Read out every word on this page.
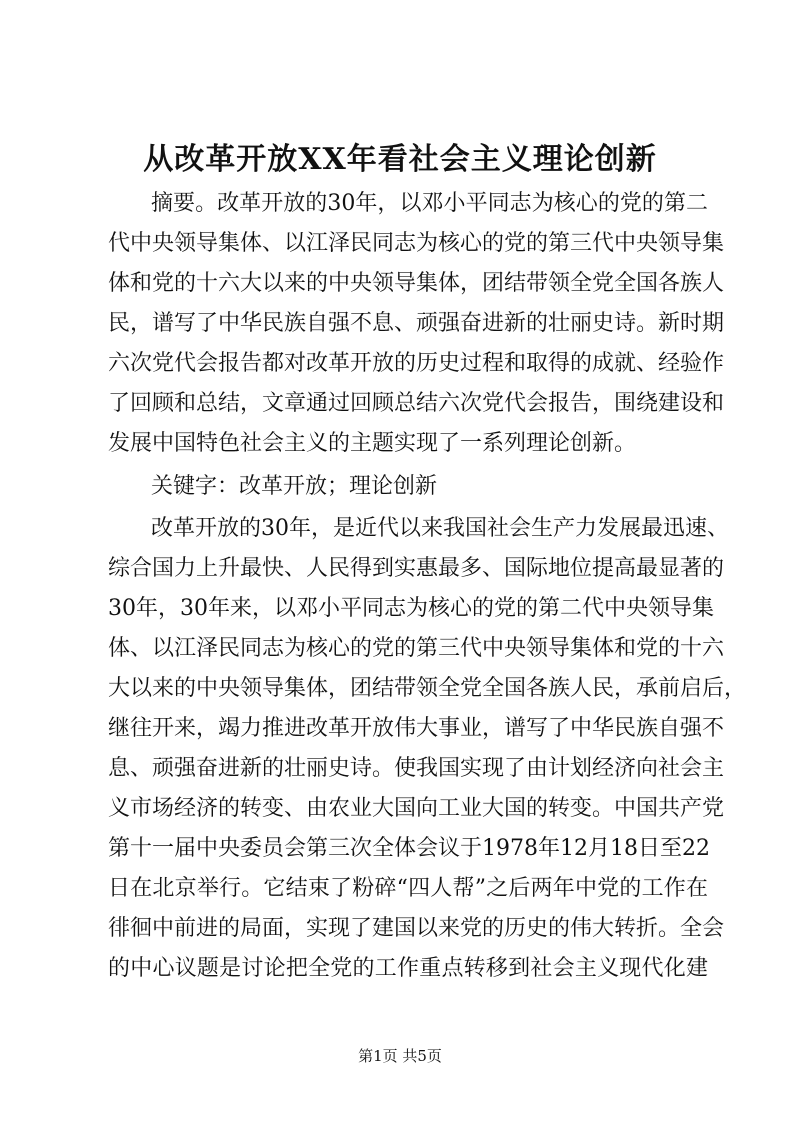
从改革开放XX年看社会主义理论创新
摘要。改革开放的30年，以邓小平同志为核心的党的第二
代中央领导集体、以江泽民同志为核心的党的第三代中央领导集
体和党的十六大以来的中央领导集体，团结带领全党全国各族人
民，谱写了中华民族自强不息、顽强奋进新的壮丽史诗。新时期
六次党代会报告都对改革开放的历史过程和取得的成就、经验作
了回顾和总结，文章通过回顾总结六次党代会报告，围绕建设和
发展中国特色社会主义的主题实现了一系列理论创新。
关键字：改革开放；理论创新
改革开放的30年，是近代以来我国社会生产力发展最迅速、
综合国力上升最快、人民得到实惠最多、国际地位提高最显著的
30年，30年来，以邓小平同志为核心的党的第二代中央领导集
体、以江泽民同志为核心的党的第三代中央领导集体和党的十六
大以来的中央领导集体，团结带领全党全国各族人民，承前启后，
继往开来，竭力推进改革开放伟大事业，谱写了中华民族自强不
息、顽强奋进新的壮丽史诗。使我国实现了由计划经济向社会主
义市场经济的转变、由农业大国向工业大国的转变。中国共产党
第十一届中央委员会第三次全体会议于1978年12月18日至22
日在北京举行。它结束了粉碎“四人帮”之后两年中党的工作在
徘徊中前进的局面，实现了建国以来党的历史的伟大转折。全会
的中心议题是讨论把全党的工作重点转移到社会主义现代化建
第1页 共5页
